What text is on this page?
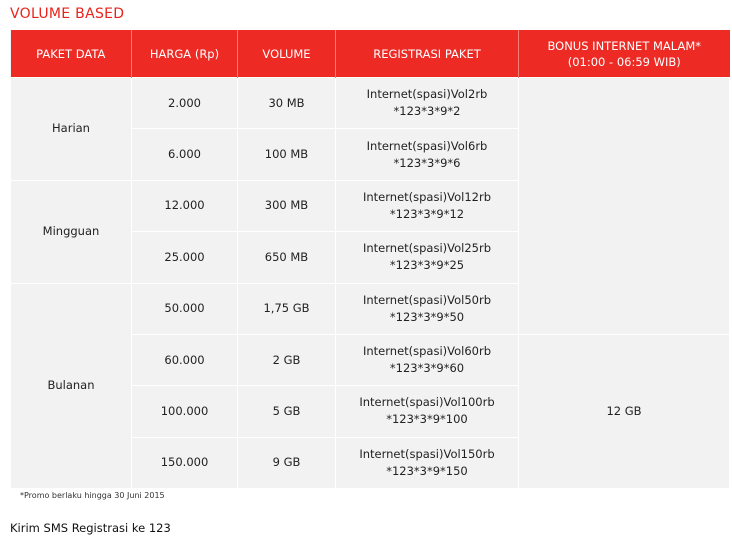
VOLUME BASED
PAKET DATA	HARGA (Rp)	VOLUME	REGISTRASI PAKET	BONUS INTERNET MALAM*
(01:00 - 06:59 WIB)

Harian	2.000	30 MB	Internet(spasi)Vol2rb
*123*3*9*2	

	6.000	100 MB	Internet(spasi)Vol6rb
*123*3*9*6	

Mingguan	12.000	300 MB	Internet(spasi)Vol12rb
*123*3*9*12	

	25.000	650 MB	Internet(spasi)Vol25rb
*123*3*9*25	

Bulanan	50.000	1,75 GB	Internet(spasi)Vol50rb
*123*3*9*50	

	60.000	2 GB	Internet(spasi)Vol60rb
*123*3*9*60	12 GB
	100.000	5 GB	Internet(spasi)Vol100rb
*123*3*9*100	

	150.000	9 GB	Internet(spasi)Vol150rb
*123*3*9*150	
*Promo berlaku hingga 30 Juni 2015
Kirim SMS Registrasi ke 123
